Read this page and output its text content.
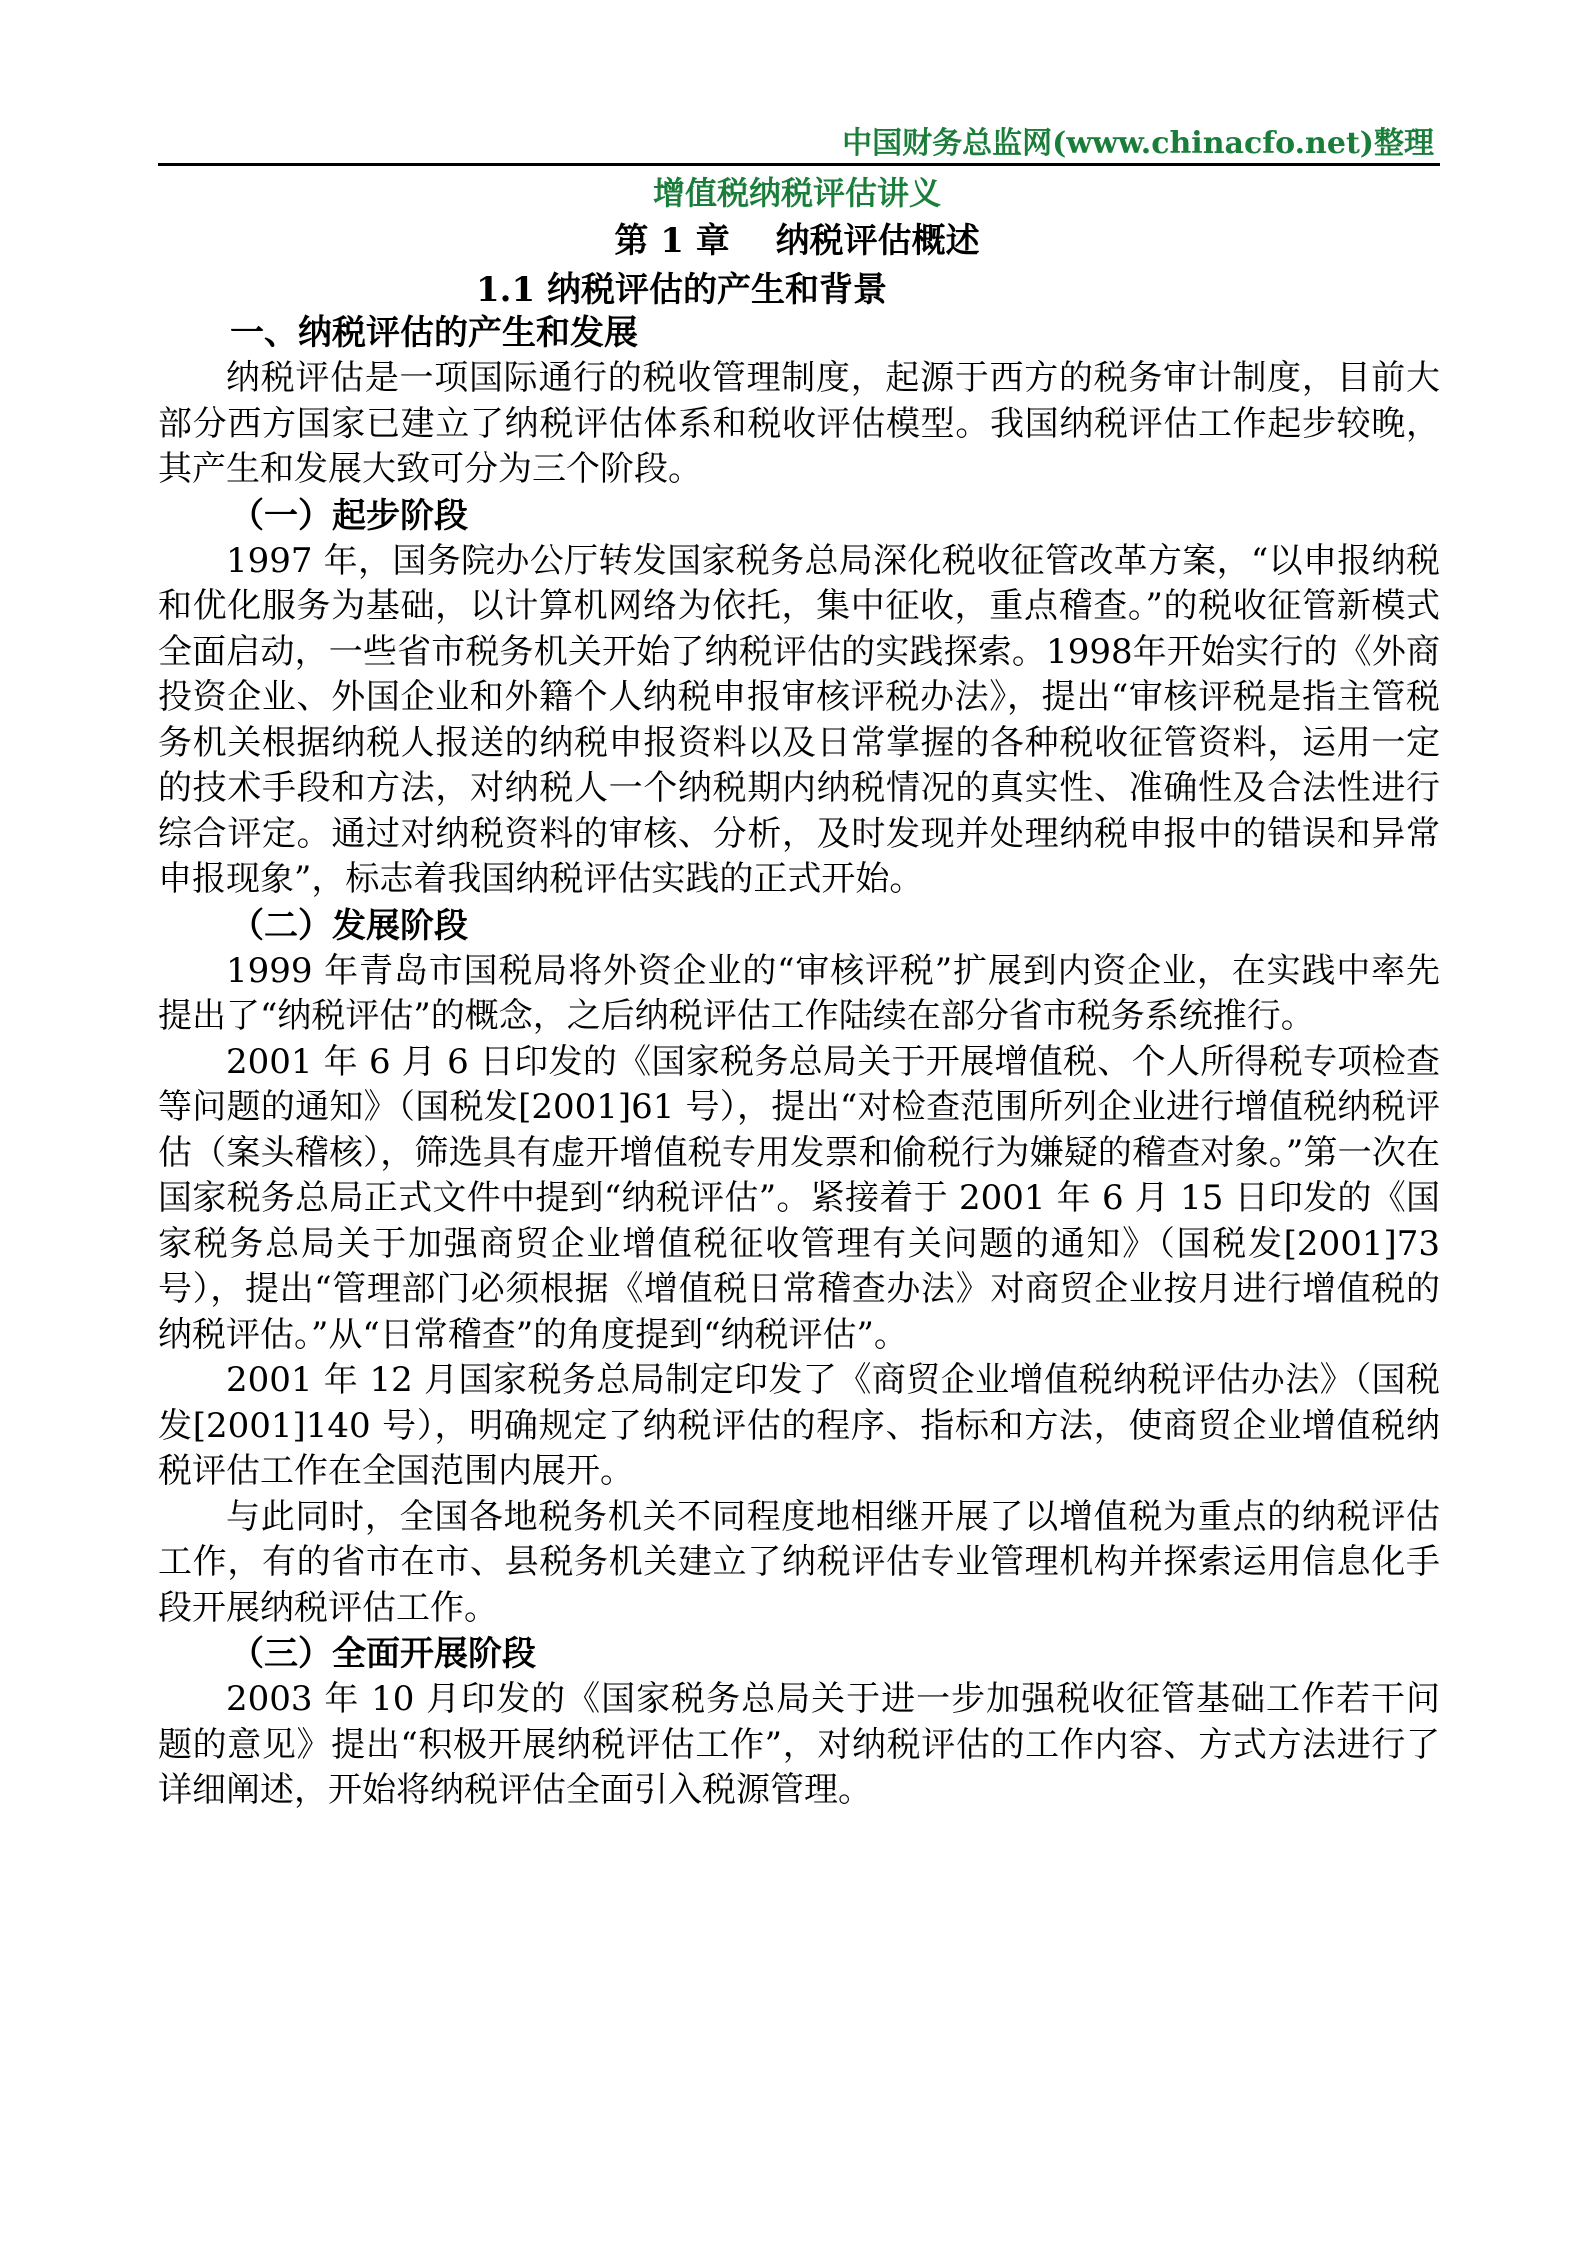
中国财务总监网(www.chinacfo.net)整理
增值税纳税评估讲义
第 1 章　 纳税评估概述
1.1 纳税评估的产生和背景

一、纳税评估的产生和发展

纳税评估是一项国际通行的税收管理制度，起源于西方的税务审计制度，目前大部分西方国家已建立了纳税评估体系和税收评估模型。我国纳税评估工作起步较晚，其产生和发展大致可分为三个阶段。

（一）起步阶段

1997 年，国务院办公厅转发国家税务总局深化税收征管改革方案，“以申报纳税和优化服务为基础，以计算机网络为依托，集中征收，重点稽查。”的税收征管新模式全面启动，一些省市税务机关开始了纳税评估的实践探索。1998年开始实行的《外商投资企业、外国企业和外籍个人纳税申报审核评税办法》，提出“审核评税是指主管税务机关根据纳税人报送的纳税申报资料以及日常掌握的各种税收征管资料，运用一定的技术手段和方法，对纳税人一个纳税期内纳税情况的真实性、准确性及合法性进行综合评定。通过对纳税资料的审核、分析，及时发现并处理纳税申报中的错误和异常申报现象”，标志着我国纳税评估实践的正式开始。

（二）发展阶段

1999 年青岛市国税局将外资企业的“审核评税”扩展到内资企业，在实践中率先提出了“纳税评估”的概念，之后纳税评估工作陆续在部分省市税务系统推行。

2001 年 6 月 6 日印发的《国家税务总局关于开展增值税、个人所得税专项检查等问题的通知》（国税发[2001]61 号），提出“对检查范围所列企业进行增值税纳税评估（案头稽核），筛选具有虚开增值税专用发票和偷税行为嫌疑的稽查对象。”第一次在国家税务总局正式文件中提到“纳税评估”。紧接着于 2001 年 6 月 15 日印发的《国家税务总局关于加强商贸企业增值税征收管理有关问题的通知》（国税发[2001]73 号），提出“管理部门必须根据《增值税日常稽查办法》对商贸企业按月进行增值税的纳税评估。”从“日常稽查”的角度提到“纳税评估”。

2001 年 12 月国家税务总局制定印发了《商贸企业增值税纳税评估办法》（国税发[2001]140 号），明确规定了纳税评估的程序、指标和方法，使商贸企业增值税纳税评估工作在全国范围内展开。

与此同时，全国各地税务机关不同程度地相继开展了以增值税为重点的纳税评估工作，有的省市在市、县税务机关建立了纳税评估专业管理机构并探索运用信息化手段开展纳税评估工作。

（三）全面开展阶段

2003 年 10 月印发的《国家税务总局关于进一步加强税收征管基础工作若干问题的意见》提出“积极开展纳税评估工作”，对纳税评估的工作内容、方式方法进行了详细阐述，开始将纳税评估全面引入税源管理。
